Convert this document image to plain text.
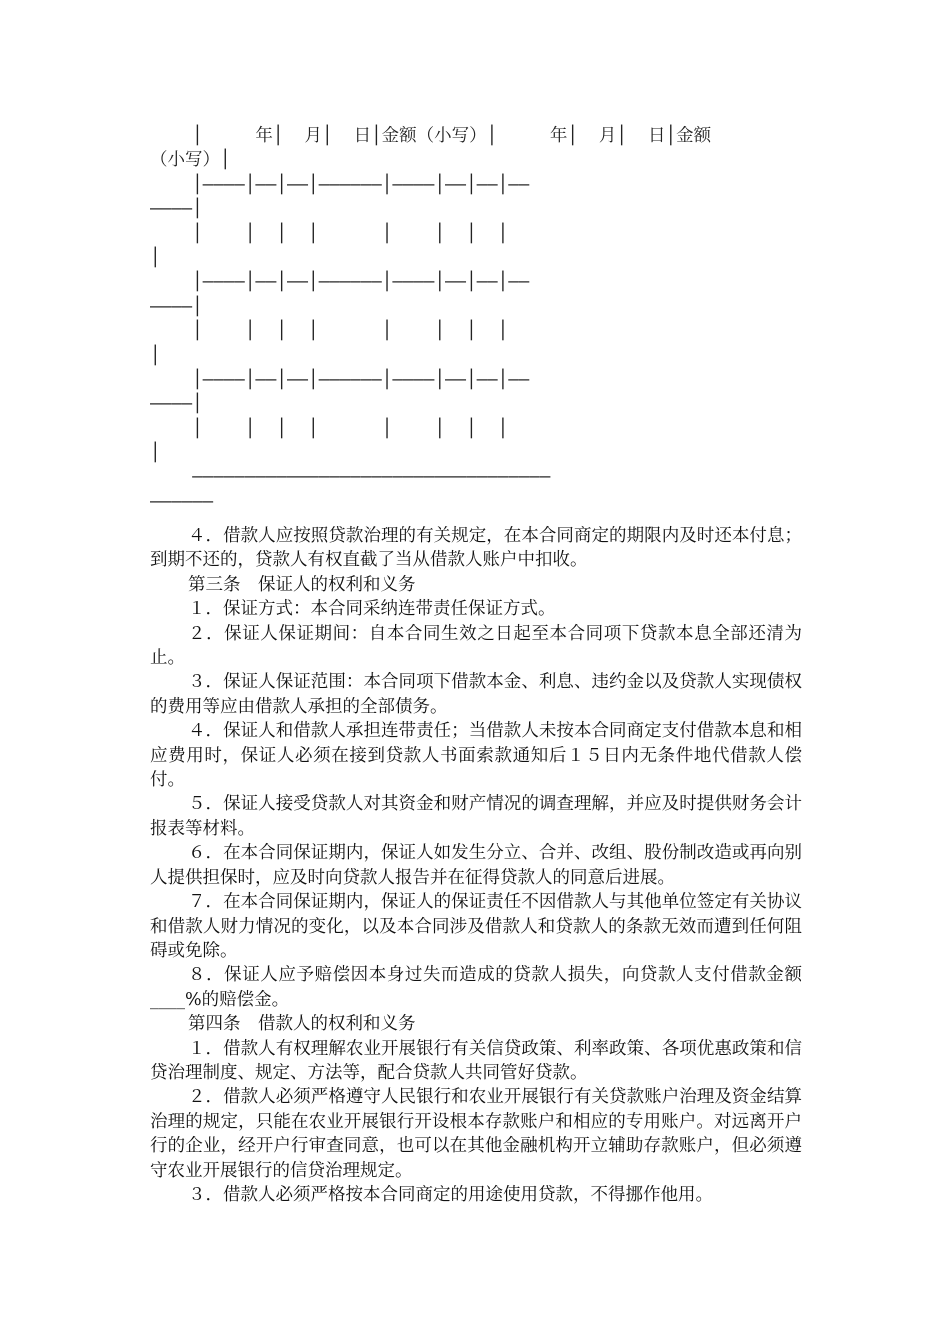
│     年│  月│  日│金额（小写）│     年│  月│  日│金额
（小写）│
│————│——│——│——————│————│——│——│——
————│
│    │  │  │      │    │  │  │
│
│————│——│——│——————│————│——│——│——
————│
│    │  │  │      │    │  │  │
│
│————│——│——│——————│————│——│——│——
————│
│    │  │  │      │    │  │  │
│
——————————————————————————————————
——————

４．借款人应按照贷款治理的有关规定，在本合同商定的期限内及时还本付息；到期不还的，贷款人有权直截了当从借款人账户中扣收。

第三条　保证人的权利和义务

１．保证方式：本合同采纳连带责任保证方式。

２．保证人保证期间：自本合同生效之日起至本合同项下贷款本息全部还清为止。

３．保证人保证范围：本合同项下借款本金、利息、违约金以及贷款人实现债权的费用等应由借款人承担的全部债务。

４．保证人和借款人承担连带责任；当借款人未按本合同商定支付借款本息和相应费用时，保证人必须在接到贷款人书面索款通知后１５日内无条件地代借款人偿付。

５．保证人接受贷款人对其资金和财产情况的调查理解，并应及时提供财务会计报表等材料。

６．在本合同保证期内，保证人如发生分立、合并、改组、股份制改造或再向别人提供担保时，应及时向贷款人报告并在征得贷款人的同意后进展。

７．在本合同保证期内，保证人的保证责任不因借款人与其他单位签定有关协议和借款人财力情况的变化，以及本合同涉及借款人和贷款人的条款无效而遭到任何阻碍或免除。

８．保证人应予赔偿因本身过失而造成的贷款人损失，向贷款人支付借款金额____%的赔偿金。

第四条　借款人的权利和义务

１．借款人有权理解农业开展银行有关信贷政策、利率政策、各项优惠政策和信贷治理制度、规定、方法等，配合贷款人共同管好贷款。

２．借款人必须严格遵守人民银行和农业开展银行有关贷款账户治理及资金结算治理的规定，只能在农业开展银行开设根本存款账户和相应的专用账户。对远离开户行的企业，经开户行审查同意，也可以在其他金融机构开立辅助存款账户，但必须遵守农业开展银行的信贷治理规定。

３．借款人必须严格按本合同商定的用途使用贷款，不得挪作他用。
